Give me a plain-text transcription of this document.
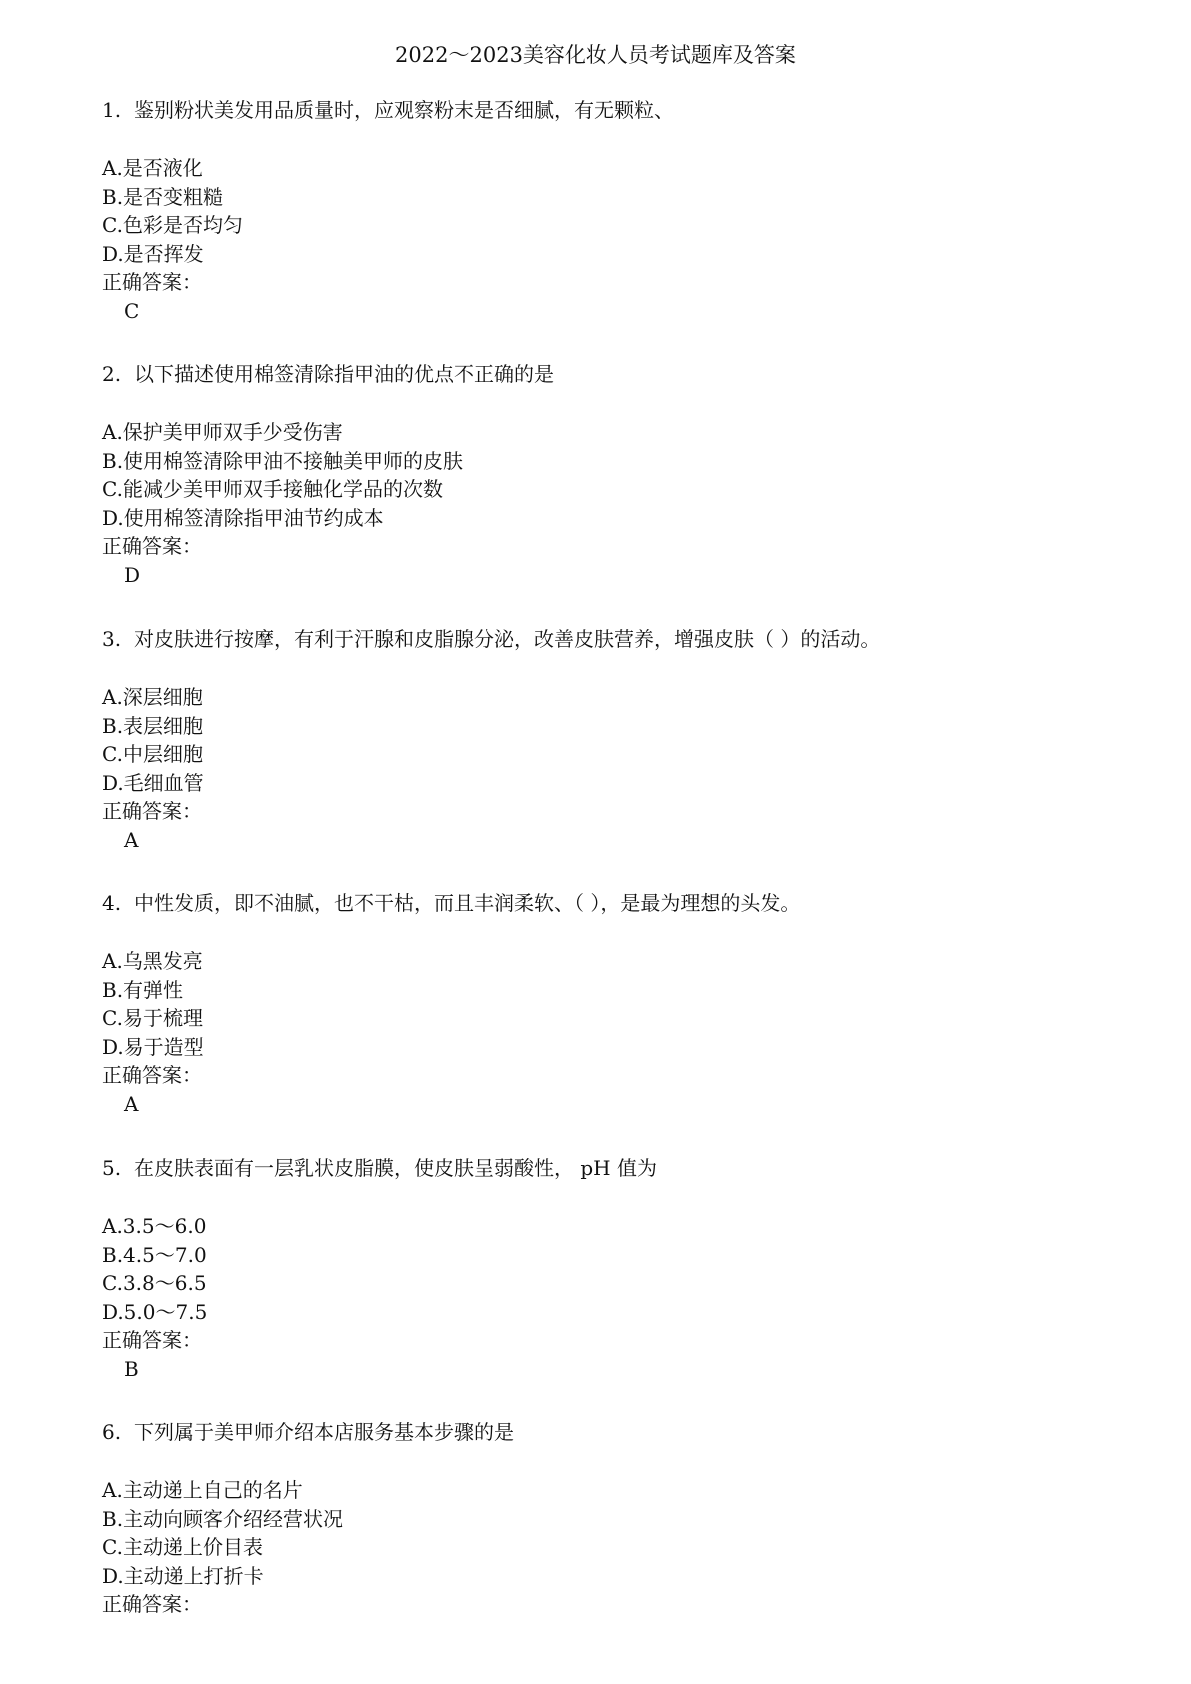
2022～2023美容化妆人员考试题库及答案
1. 鉴别粉状美发用品质量时，应观察粉末是否细腻，有无颗粒、
A.是否液化
B.是否变粗糙
C.色彩是否均匀
D.是否挥发
正确答案：
C
2. 以下描述使用棉签清除指甲油的优点不正确的是
A.保护美甲师双手少受伤害
B.使用棉签清除甲油不接触美甲师的皮肤
C.能减少美甲师双手接触化学品的次数
D.使用棉签清除指甲油节约成本
正确答案：
D
3. 对皮肤进行按摩，有利于汗腺和皮脂腺分泌，改善皮肤营养，增强皮肤（ ）的活动。
A.深层细胞
B.表层细胞
C.中层细胞
D.毛细血管
正确答案：
A
4. 中性发质，即不油腻，也不干枯，而且丰润柔软、（ ），是最为理想的头发。
A.乌黑发亮
B.有弹性
C.易于梳理
D.易于造型
正确答案：
A
5. 在皮肤表面有一层乳状皮脂膜，使皮肤呈弱酸性， pH 值为
A.3.5～6.0
B.4.5～7.0
C.3.8～6.5
D.5.0～7.5
正确答案：
B
6. 下列属于美甲师介绍本店服务基本步骤的是
A.主动递上自己的名片
B.主动向顾客介绍经营状况
C.主动递上价目表
D.主动递上打折卡
正确答案：
